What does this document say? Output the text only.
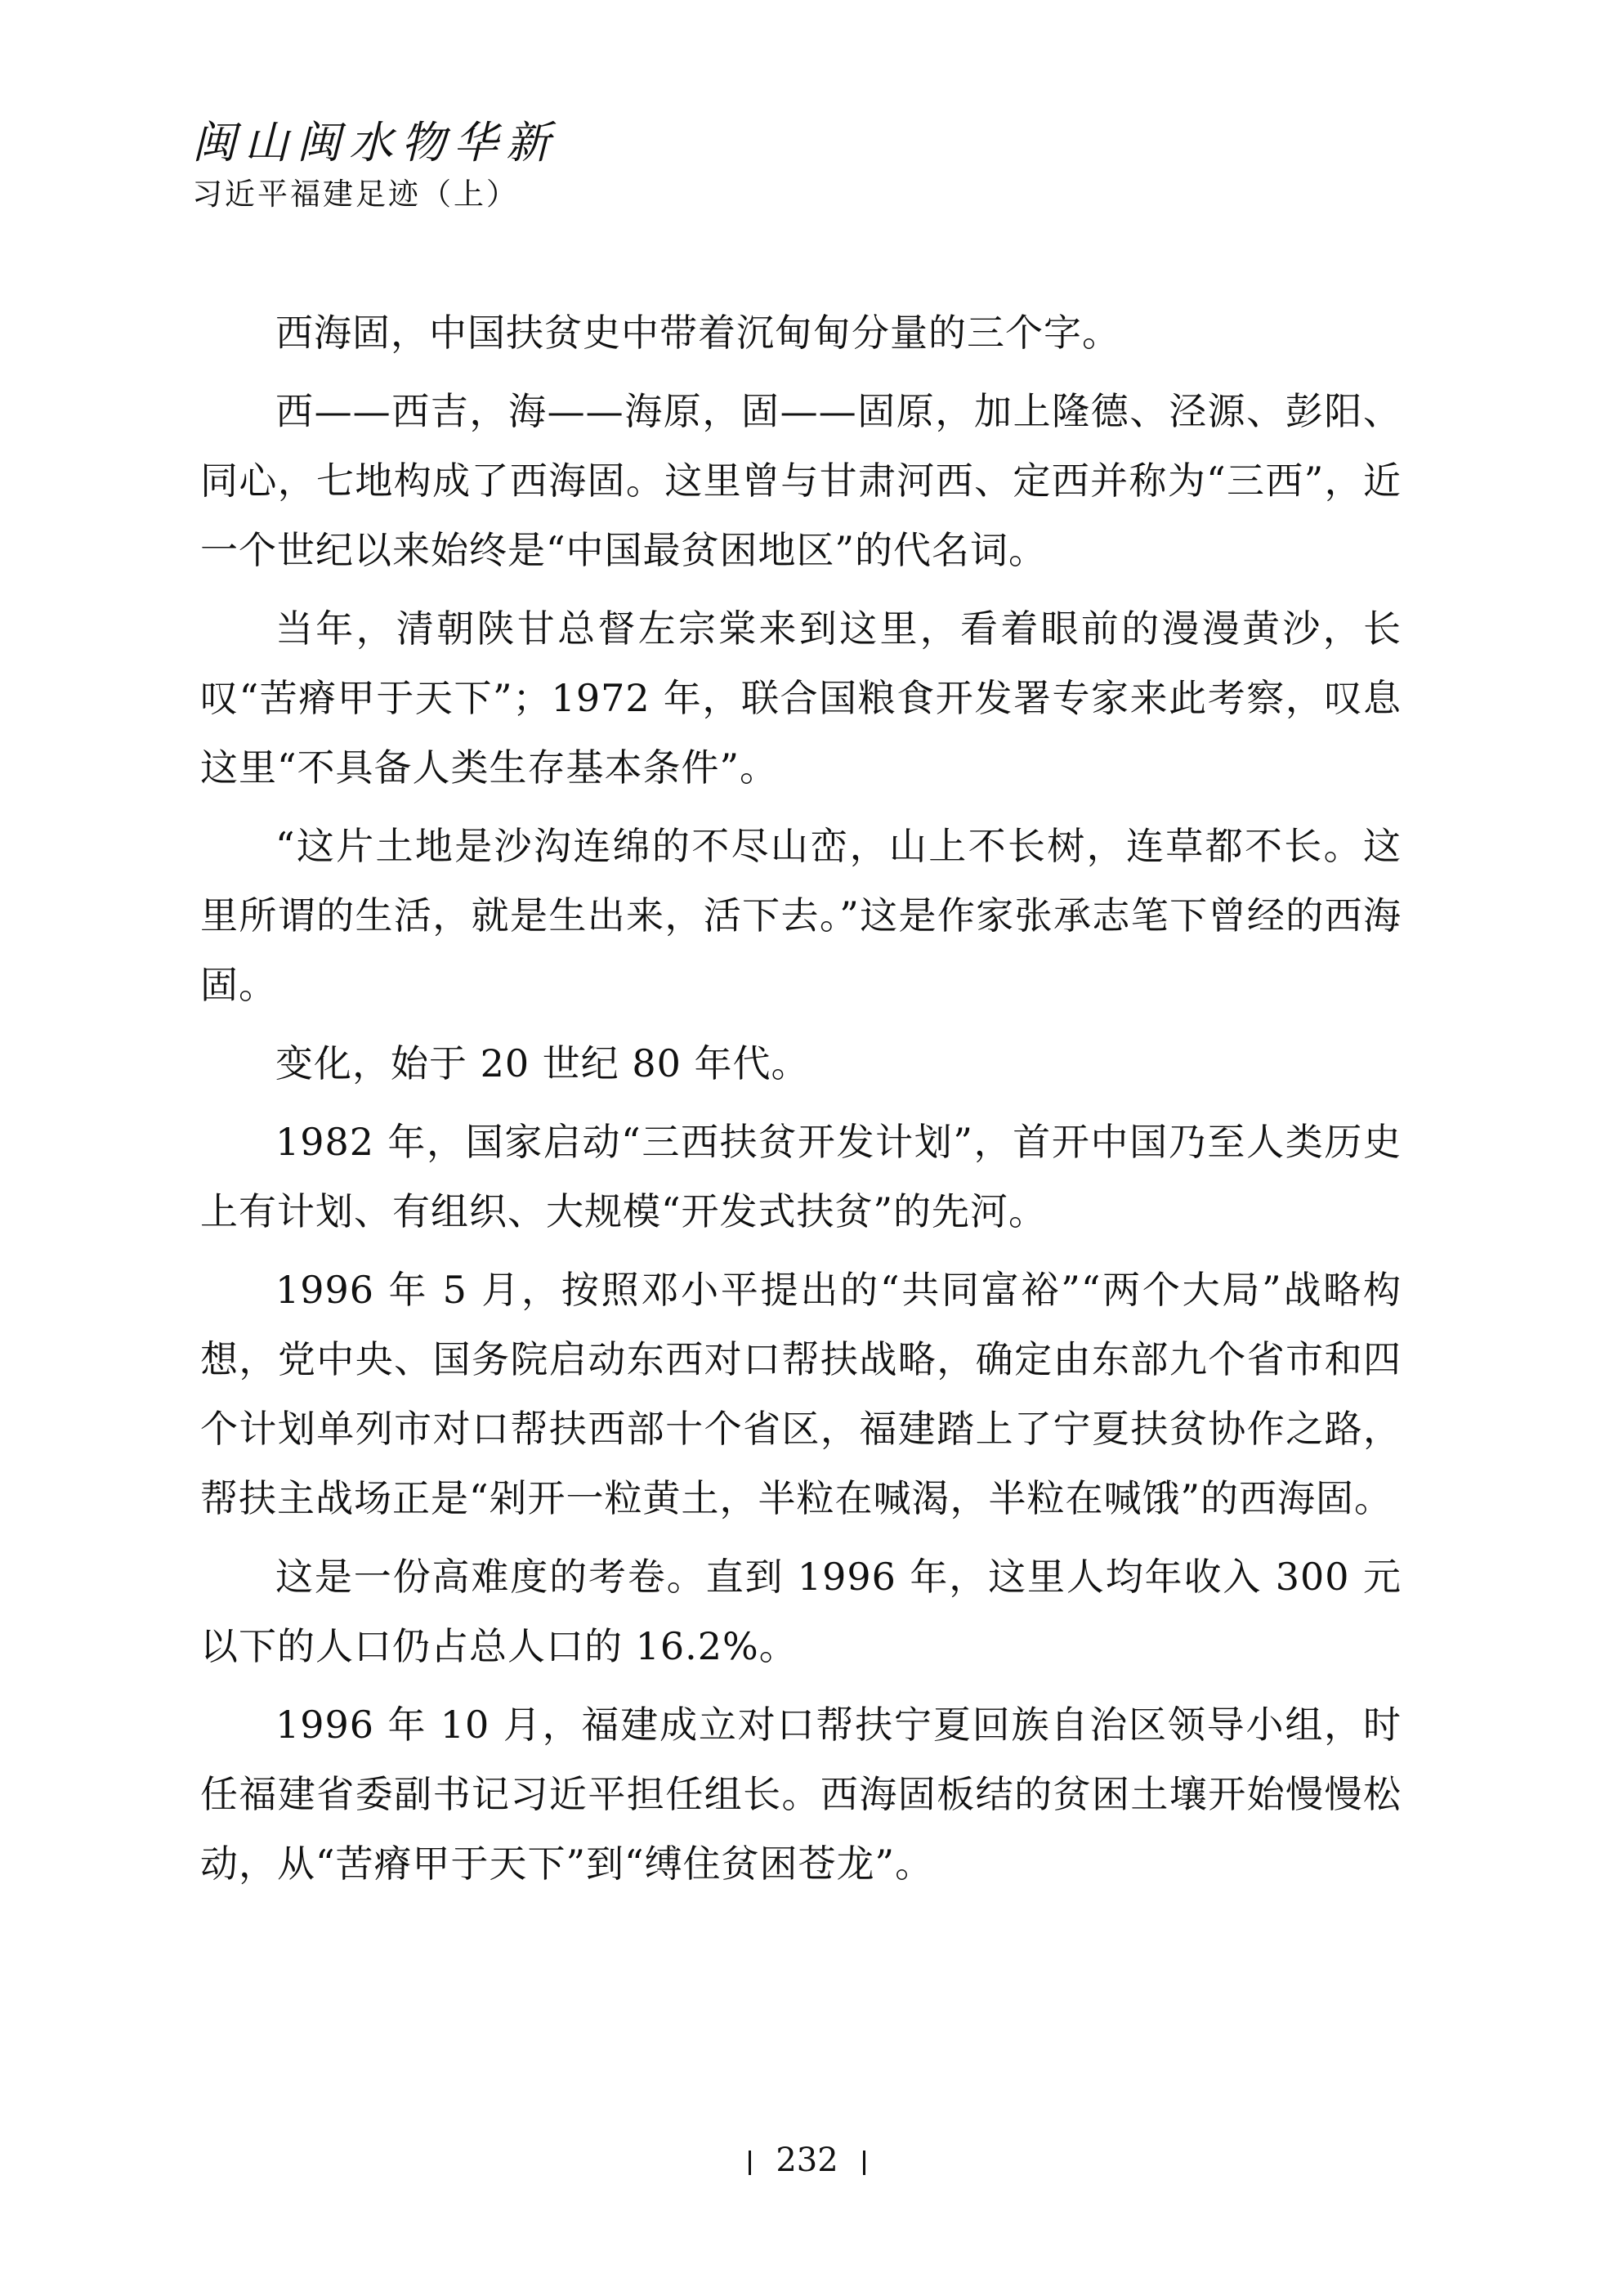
闽山闽水物华新
习近平福建足迹（上）

西海固，中国扶贫史中带着沉甸甸分量的三个字。

西——西吉，海——海原，固——固原，加上隆德、泾源、彭阳、同心，七地构成了西海固。这里曾与甘肃河西、定西并称为“三西”，近一个世纪以来始终是“中国最贫困地区”的代名词。

当年，清朝陕甘总督左宗棠来到这里，看着眼前的漫漫黄沙，长叹“苦瘠甲于天下”；1972 年，联合国粮食开发署专家来此考察，叹息这里“不具备人类生存基本条件”。

“这片土地是沙沟连绵的不尽山峦，山上不长树，连草都不长。这里所谓的生活，就是生出来，活下去。”这是作家张承志笔下曾经的西海固。

变化，始于 20 世纪 80 年代。

1982 年，国家启动“三西扶贫开发计划”，首开中国乃至人类历史上有计划、有组织、大规模“开发式扶贫”的先河。

1996 年 5 月，按照邓小平提出的“共同富裕”“两个大局”战略构想，党中央、国务院启动东西对口帮扶战略，确定由东部九个省市和四个计划单列市对口帮扶西部十个省区，福建踏上了宁夏扶贫协作之路，帮扶主战场正是“剁开一粒黄土，半粒在喊渴，半粒在喊饿”的西海固。

这是一份高难度的考卷。直到 1996 年，这里人均年收入 300 元以下的人口仍占总人口的 16.2%。

1996 年 10 月，福建成立对口帮扶宁夏回族自治区领导小组，时任福建省委副书记习近平担任组长。西海固板结的贫困土壤开始慢慢松动，从“苦瘠甲于天下”到“缚住贫困苍龙”。

232
